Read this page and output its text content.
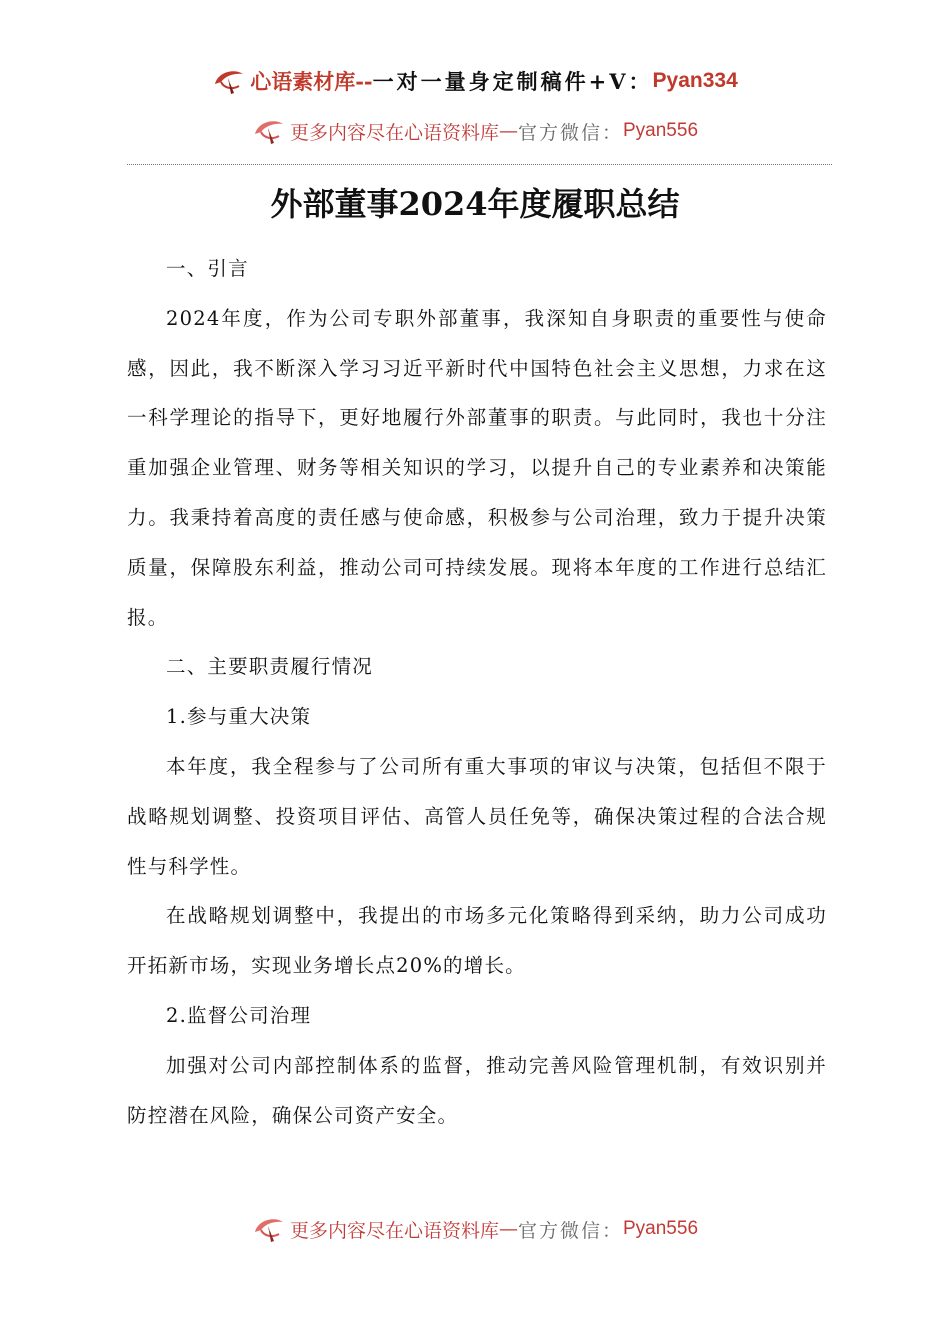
心语素材库 -- 一对一量身定制稿件 +V： Pyan334
更多内容尽在心语资料库 — 官方微信： Pyan556
外部董事2024年度履职总结

一、引言

2024年度，作为公司专职外部董事，我深知自身职责的重要性与使命感，因此，我不断深入学习习近平新时代中国特色社会主义思想，力求在这一科学理论的指导下，更好地履行外部董事的职责。与此同时，我也十分注重加强企业管理、财务等相关知识的学习，以提升自己的专业素养和决策能力。我秉持着高度的责任感与使命感，积极参与公司治理，致力于提升决策质量，保障股东利益，推动公司可持续发展。现将本年度的工作进行总结汇报。

二、主要职责履行情况

1.参与重大决策

本年度，我全程参与了公司所有重大事项的审议与决策，包括但不限于战略规划调整、投资项目评估、高管人员任免等，确保决策过程的合法合规性与科学性。

在战略规划调整中，我提出的市场多元化策略得到采纳，助力公司成功开拓新市场，实现业务增长点20%的增长。

2.监督公司治理

加强对公司内部控制体系的监督，推动完善风险管理机制，有效识别并防控潜在风险，确保公司资产安全。

更多内容尽在心语资料库 — 官方微信： Pyan556
